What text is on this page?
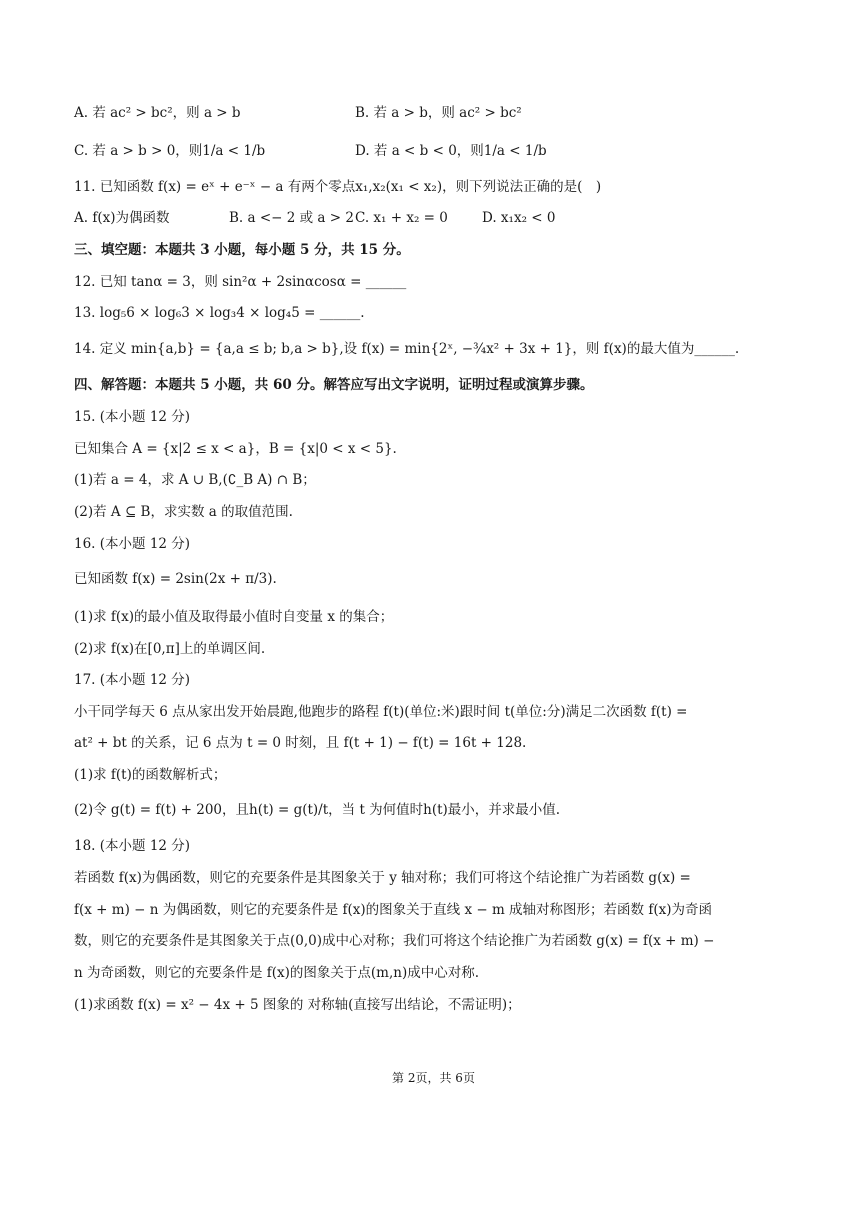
A. 若 ac² > bc²，则 a > b	B. 若 a > b，则 ac² > bc²
C. 若 a > b > 0，则1/a < 1/b	D. 若 a < b < 0，则1/a < 1/b
11. 已知函数 f(x) = eˣ + e⁻ˣ − a 有两个零点x₁,x₂(x₁ < x₂)，则下列说法正确的是(　)
A. f(x)为偶函数	B. a <− 2 或 a > 2 C. x₁ + x₂ = 0	D. x₁x₂ < 0
三、填空题：本题共 3 小题，每小题 5 分，共 15 分。
12. 已知 tanα = 3，则 sin²α + 2sinαcosα = ______
13. log₅6 × log₆3 × log₃4 × log₄5 = ______.
14. 定义 min{a,b} = {a,a ≤ b; b,a > b},设 f(x) = min{2ˣ, −¾x² + 3x + 1}，则 f(x)的最大值为______.
四、解答题：本题共 5 小题，共 60 分。解答应写出文字说明，证明过程或演算步骤。
15. (本小题 12 分)
已知集合 A = {x|2 ≤ x < a}，B = {x|0 < x < 5}.
(1)若 a = 4，求 A ∪ B,(∁_B A) ∩ B；
(2)若 A ⊆ B，求实数 a 的取值范围.
16. (本小题 12 分)
已知函数 f(x) = 2sin(2x + π/3).
(1)求 f(x)的最小值及取得最小值时自变量 x 的集合；
(2)求 f(x)在[0,π]上的单调区间.
17. (本小题 12 分)
小干同学每天 6 点从家出发开始晨跑,他跑步的路程 f(t)(单位:米)跟时间 t(单位:分)满足二次函数 f(t) =
at² + bt 的关系，记 6 点为 t = 0 时刻，且 f(t + 1) − f(t) = 16t + 128.
(1)求 f(t)的函数解析式；
(2)令 g(t) = f(t) + 200，且h(t) = g(t)/t，当 t 为何值时h(t)最小，并求最小值.
18. (本小题 12 分)
若函数 f(x)为偶函数，则它的充要条件是其图象关于 y 轴对称；我们可将这个结论推广为若函数 g(x) =
f(x + m) − n 为偶函数，则它的充要条件是 f(x)的图象关于直线 x − m 成轴对称图形；若函数 f(x)为奇函
数，则它的充要条件是其图象关于点(0,0)成中心对称；我们可将这个结论推广为若函数 g(x) = f(x + m) −
n 为奇函数，则它的充要条件是 f(x)的图象关于点(m,n)成中心对称.
(1)求函数 f(x) = x² − 4x + 5 图象的 对称轴(直接写出结论，不需证明)；
第 2页，共 6页
